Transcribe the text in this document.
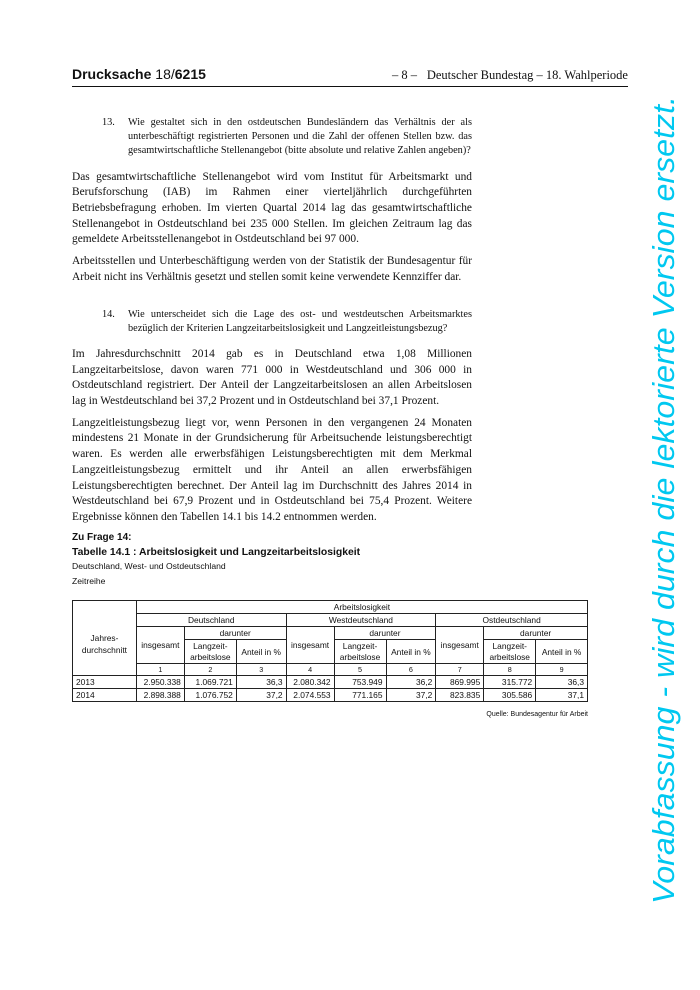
Drucksache 18/6215	– 8 – Deutscher Bundestag – 18. Wahlperiode
13.	Wie gestaltet sich in den ostdeutschen Bundesländern das Verhältnis der als unterbeschäftigt registrierten Personen und die Zahl der offenen Stellen bzw. das gesamtwirtschaftliche Stellenangebot (bitte absolute und relative Zahlen angeben)?

Das gesamtwirtschaftliche Stellenangebot wird vom Institut für Arbeitsmarkt und Berufsforschung (IAB) im Rahmen einer vierteljährlich durchgeführten Betriebsbefragung erhoben. Im vierten Quartal 2014 lag das gesamtwirtschaftliche Stellenangebot in Ostdeutschland bei 235 000 Stellen. Im gleichen Zeitraum lag das gemeldete Arbeitsstellenangebot in Ostdeutschland bei 97 000.

Arbeitsstellen und Unterbeschäftigung werden von der Statistik der Bundesagentur für Arbeit nicht ins Verhältnis gesetzt und stellen somit keine verwendete Kennziffer dar.

14.	Wie unterscheidet sich die Lage des ost- und westdeutschen Arbeitsmarktes bezüglich der Kriterien Langzeitarbeitslosigkeit und Langzeitleistungsbezug?

Im Jahresdurchschnitt 2014 gab es in Deutschland etwa 1,08 Millionen Langzeitarbeitslose, davon waren 771 000 in Westdeutschland und 306 000 in Ostdeutschland registriert. Der Anteil der Langzeitarbeitslosen an allen Arbeitslosen lag in Westdeutschland bei 37,2 Prozent und in Ostdeutschland bei 37,1 Prozent.

Langzeitleistungsbezug liegt vor, wenn Personen in den vergangenen 24 Monaten mindestens 21 Monate in der Grundsicherung für Arbeitsuchende leistungsberechtigt waren. Es werden alle erwerbsfähigen Leistungsberechtigten mit dem Merkmal Langzeitleistungsbezug ermittelt und ihr Anteil an allen erwerbsfähigen Leistungsberechtigten berechnet. Der Anteil lag im Durchschnitt des Jahres 2014 in Westdeutschland bei 67,9 Prozent und in Ostdeutschland bei 75,4 Prozent. Weitere Ergebnisse können den Tabellen 14.1 bis 14.2 entnommen werden.

Zu Frage 14:

Tabelle 14.1 : Arbeitslosigkeit und Langzeitarbeitslosigkeit

Deutschland, West- und Ostdeutschland

Zeitreihe

	Arbeitslosigkeit								
Jahres-durchschnitt	Deutschland			Westdeutschland			Ostdeutschland		
	insgesamt	darunter		insgesamt	darunter		insgesamt	darunter	
		Langzeit-arbeitslose	Anteil in %		Langzeit-arbeitslose	Anteil in %		Langzeit-arbeitslose	Anteil in %
	1	2	3	4	5	6	7	8	9
2013	2.950.338	1.069.721	36,3	2.080.342	753.949	36,2	869.995	315.772	36,3
2014	2.898.388	1.076.752	37,2	2.074.553	771.165	37,2	823.835	305.586	37,1
Quelle: Bundesagentur für Arbeit Vorabfassung - wird durch die lektorierte Version ersetzt.
